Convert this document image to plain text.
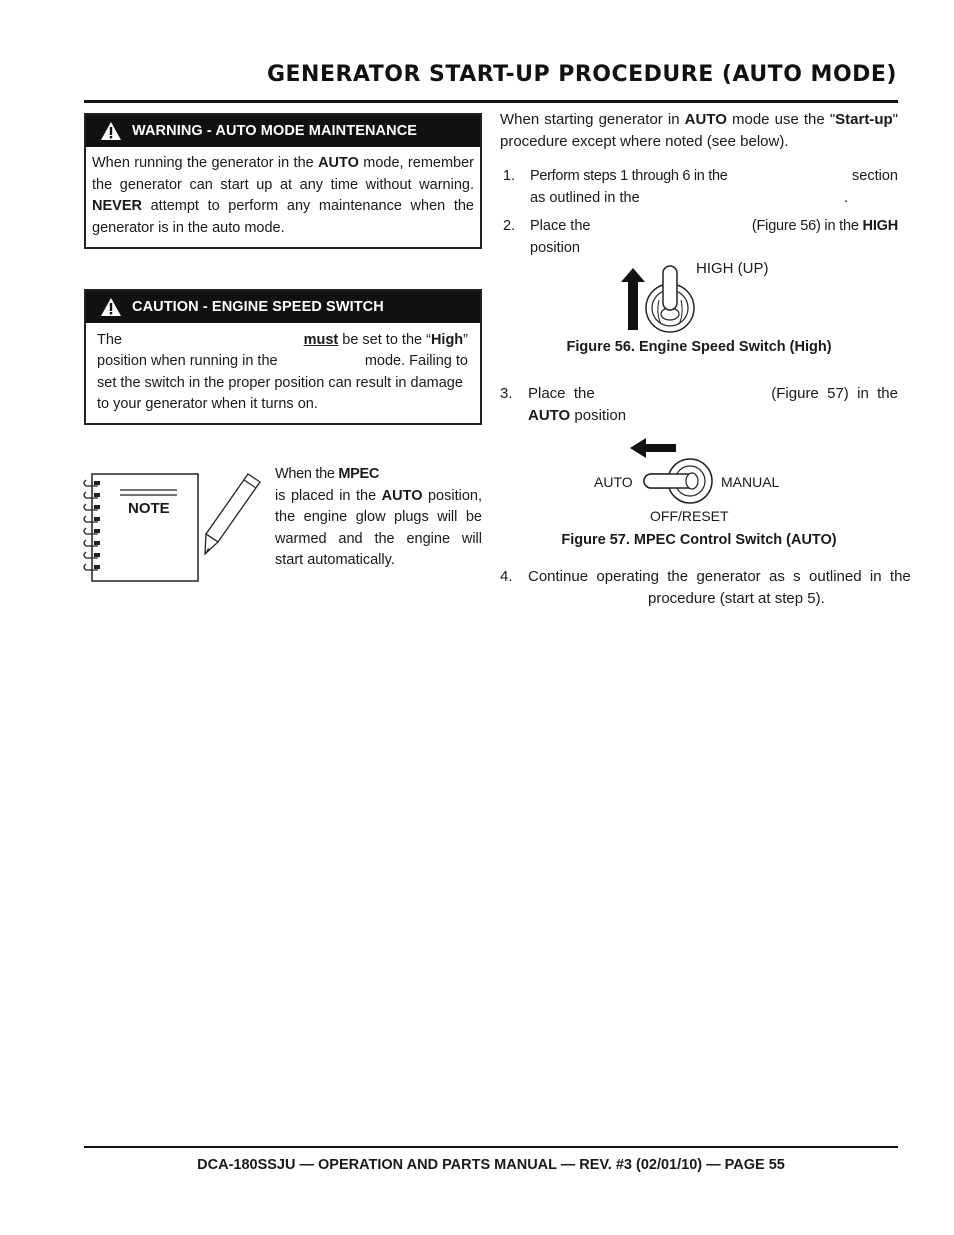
GENERATOR START-UP PROCEDURE (AUTO MODE)
WARNING - AUTO MODE MAINTENANCE
When running the generator in the AUTO mode, remember the generator can start up at any time without warning. NEVER attempt to perform any maintenance when the generator is in the auto mode.
CAUTION - ENGINE SPEED SWITCH
The	must be set to the “High”
position when running in the	mode. Failing to
set the switch in the proper position can result in damage
to your generator when it turns on.
NOTE
When the MPEC
is placed in the AUTO position, the engine glow plugs will be warmed and the engine will start automatically.
When starting generator in AUTO mode use the "Start-up" procedure except where noted (see below).
1. Perform steps 1 through 6 in the	section
as outlined in the	.
2. Place the	(Figure 56) in the HIGH
position
HIGH (UP)
Figure 56. Engine Speed Switch (High)
3. Place  the	(Figure  57)  in  the
AUTO position
AUTO	MANUAL
OFF/RESET
Figure 57. MPEC Control Switch (AUTO)
4. Continue  operating  the  generator  as  s  outlined  in  the
procedure (start at step 5).
DCA-180SSJU — OPERATION AND PARTS MANUAL — REV. #3 (02/01/10) — PAGE 55
